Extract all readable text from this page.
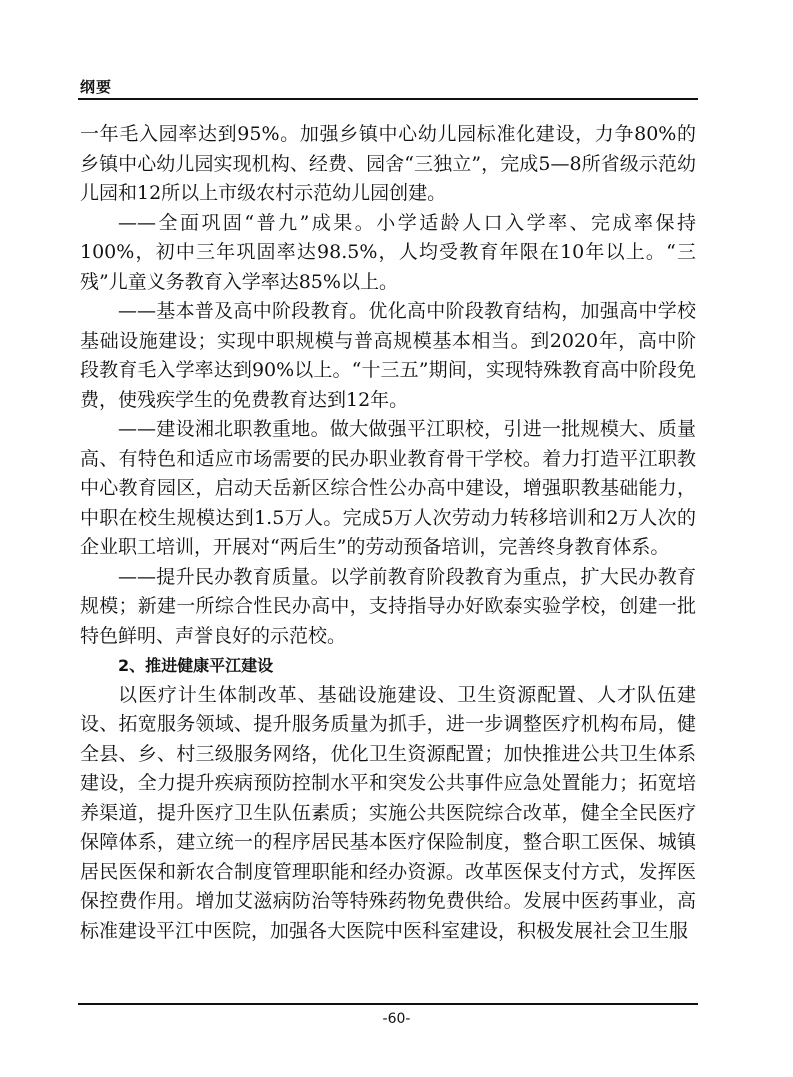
纲要

一年毛入园率达到95%。加强乡镇中心幼儿园标准化建设，力争80%的乡镇中心幼儿园实现机构、经费、园舍“三独立”，完成5—8所省级示范幼儿园和12所以上市级农村示范幼儿园创建。

——全面巩固“普九”成果。小学适龄人口入学率、完成率保持100%，初中三年巩固率达98.5%，人均受教育年限在10年以上。“三残”儿童义务教育入学率达85%以上。

——基本普及高中阶段教育。优化高中阶段教育结构，加强高中学校基础设施建设；实现中职规模与普高规模基本相当。到2020年，高中阶段教育毛入学率达到90%以上。“十三五”期间，实现特殊教育高中阶段免费，使残疾学生的免费教育达到12年。

——建设湘北职教重地。做大做强平江职校，引进一批规模大、质量高、有特色和适应市场需要的民办职业教育骨干学校。着力打造平江职教中心教育园区，启动天岳新区综合性公办高中建设，增强职教基础能力，中职在校生规模达到1.5万人。完成5万人次劳动力转移培训和2万人次的企业职工培训，开展对“两后生”的劳动预备培训，完善终身教育体系。

——提升民办教育质量。以学前教育阶段教育为重点，扩大民办教育规模；新建一所综合性民办高中，支持指导办好欧泰实验学校，创建一批特色鲜明、声誉良好的示范校。

2、推进健康平江建设

以医疗计生体制改革、基础设施建设、卫生资源配置、人才队伍建设、拓宽服务领域、提升服务质量为抓手，进一步调整医疗机构布局，健全县、乡、村三级服务网络，优化卫生资源配置；加快推进公共卫生体系建设，全力提升疾病预防控制水平和突发公共事件应急处置能力；拓宽培养渠道，提升医疗卫生队伍素质；实施公共医院综合改革，健全全民医疗保障体系，建立统一的程序居民基本医疗保险制度，整合职工医保、城镇居民医保和新农合制度管理职能和经办资源。改革医保支付方式，发挥医保控费作用。增加艾滋病防治等特殊药物免费供给。发展中医药事业，高标准建设平江中医院，加强各大医院中医科室建设，积极发展社会卫生服

-60-
